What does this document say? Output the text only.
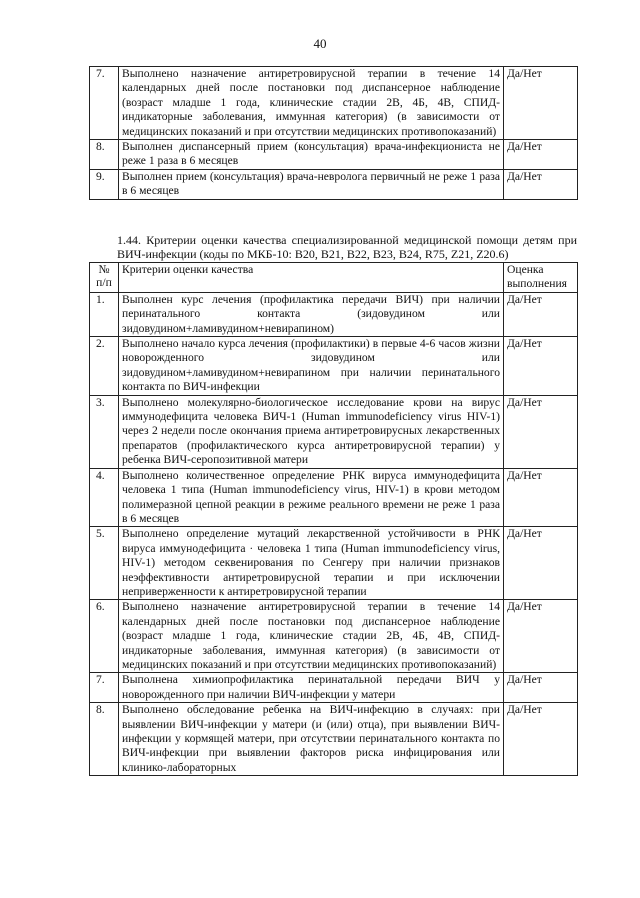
40
7.	Выполнено назначение антиретровирусной терапии в течение 14 календарных дней после постановки под диспансерное наблюдение (возраст младше 1 года, клинические стадии 2В, 4Б, 4В, СПИД-индикаторные заболевания, иммунная категория) (в зависимости от медицинских показаний и при отсутствии медицинских противопоказаний)	Да/Нет
8.	Выполнен диспансерный прием (консультация) врача-инфекциониста не реже 1 раза в 6 месяцев	Да/Нет
9.	Выполнен прием (консультация) врача-невролога первичный не реже 1 раза в 6 месяцев	Да/Нет
1.44. Критерии оценки качества специализированной медицинской помощи детям при ВИЧ-инфекции (коды по МКБ-10: В20, В21, В22, В23, В24, R75, Z21, Z20.6)
№ п/п	Критерии оценки качества	Оценка выполнения
1.	Выполнен курс лечения (профилактика передачи ВИЧ) при наличии перинатального контакта (зидовудином или зидовудином+ламивудином+невирапином)	Да/Нет
2.	Выполнено начало курса лечения (профилактики) в первые 4-6 часов жизни новорожденного зидовудином или зидовудином+ламивудином+невирапином при наличии перинатального контакта по ВИЧ-инфекции	Да/Нет
3.	Выполнено молекулярно-биологическое исследование крови на вирус иммунодефицита человека ВИЧ-1 (Human immunodeficiency virus HIV-1) через 2 недели после окончания приема антиретровирусных лекарственных препаратов (профилактического курса антиретровирусной терапии) у ребенка ВИЧ-серопозитивной матери	Да/Нет
4.	Выполнено количественное определение РНК вируса иммунодефицита человека 1 типа (Human immunodeficiency virus, HIV-1) в крови методом полимеразной цепной реакции в режиме реального времени не реже 1 раза в 6 месяцев	Да/Нет
5.	Выполнено определение мутаций лекарственной устойчивости в РНК вируса иммунодефицита · человека 1 типа (Human immunodeficiency virus, HIV-1) методом секвенирования по Сенгеру при наличии признаков неэффективности антиретровирусной терапии и при исключении неприверженности к антиретровирусной терапии	Да/Нет
6.	Выполнено назначение антиретровирусной терапии в течение 14 календарных дней после постановки под диспансерное наблюдение (возраст младше 1 года, клинические стадии 2В, 4Б, 4В, СПИД-индикаторные заболевания, иммунная категория) (в зависимости от медицинских показаний и при отсутствии медицинских противопоказаний)	Да/Нет
7.	Выполнена химиопрофилактика перинатальной передачи ВИЧ у новорожденного при наличии ВИЧ-инфекции у матери	Да/Нет
8.	Выполнено обследование ребенка на ВИЧ-инфекцию в случаях: при выявлении ВИЧ-инфекции у матери (и (или) отца), при выявлении ВИЧ-инфекции у кормящей матери, при отсутствии перинатального контакта по ВИЧ-инфекции при выявлении факторов риска инфицирования или клинико-лабораторных	Да/Нет
